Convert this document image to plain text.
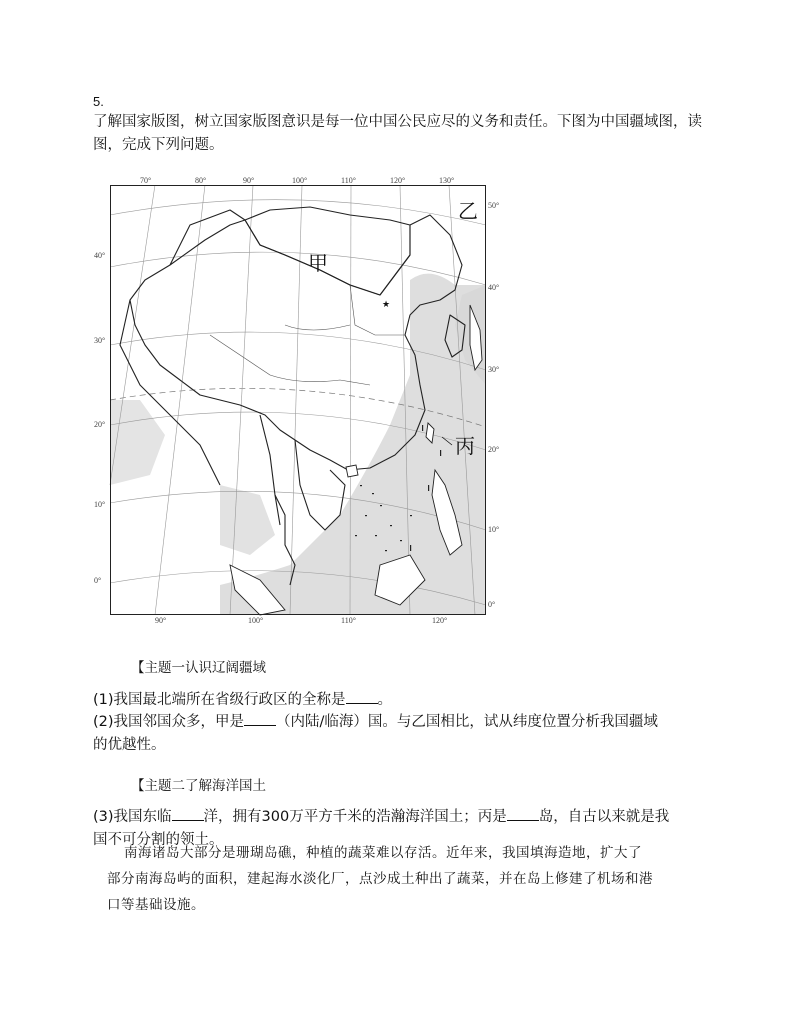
5.
了解国家版图，树立国家版图意识是每一位中国公民应尽的义务和责任。下图为中国疆域图，读图，完成下列问题。
★
甲
乙
丙
70°	80°	90°	100°	110°	120°	130°
90°	100°	110°	120°
40°
30°
20°
10°
0°
50°
40°
30°
20°
10°
0°
【主题一认识辽阔疆域
(1)我国最北端所在省级行政区的全称是 。
(2)我国邻国众多，甲是 （内陆/临海）国。与乙国相比，试从纬度位置分析我国疆域
的优越性。
【主题二了解海洋国土
(3)我国东临 洋，拥有300万平方千米的浩瀚海洋国土；丙是 岛，自古以来就是我
国不可分割的领土。
南海诸岛大部分是珊瑚岛礁，种植的蔬菜难以存活。近年来，我国填海造地，扩大了
部分南海岛屿的面积，建起海水淡化厂，点沙成土种出了蔬菜，并在岛上修建了机场和港
口等基础设施。
